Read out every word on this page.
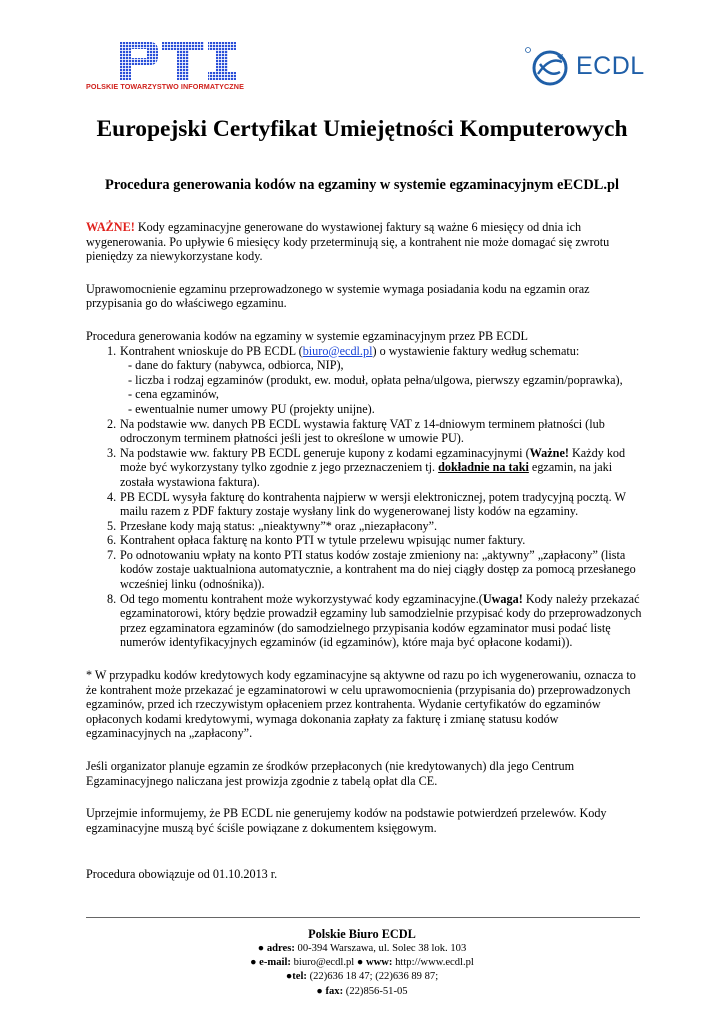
POLSKIE TOWARZYSTWO INFORMATYCZNE
ECDL
Europejski Certyfikat Umiejętności Komputerowych
Procedura generowania kodów na egzaminy w systemie egzaminacyjnym eECDL.pl

WAŻNE! Kody egzaminacyjne generowane do wystawionej faktury są ważne 6 miesięcy od dnia ich wygenerowania. Po upływie 6 miesięcy kody przeterminują się, a kontrahent nie może domagać się zwrotu pieniędzy za niewykorzystane kody.

Uprawomocnienie egzaminu przeprowadzonego w systemie wymaga posiadania kodu na egzamin oraz przypisania go do właściwego egzaminu.

Procedura generowania kodów na egzaminy w systemie egzaminacyjnym przez PB ECDL
1. Kontrahent wnioskuje do PB ECDL (biuro@ecdl.pl) o wystawienie faktury według schematu:
- dane do faktury (nabywca, odbiorca, NIP),
- liczba i rodzaj egzaminów (produkt, ew. moduł, opłata pełna/ulgowa, pierwszy egzamin/poprawka),
- cena egzaminów,
- ewentualnie numer umowy PU (projekty unijne).
2. Na podstawie ww. danych PB ECDL wystawia fakturę VAT z 14-dniowym terminem płatności (lub odroczonym terminem płatności jeśli jest to określone w umowie PU).
3. Na podstawie ww. faktury PB ECDL generuje kupony z kodami egzaminacyjnymi (Ważne! Każdy kod może być wykorzystany tylko zgodnie z jego przeznaczeniem tj. dokładnie na taki egzamin, na jaki została wystawiona faktura).
4. PB ECDL wysyła fakturę do kontrahenta najpierw w wersji elektronicznej, potem tradycyjną pocztą. W mailu razem z PDF faktury zostaje wysłany link do wygenerowanej listy kodów na egzaminy.
5. Przesłane kody mają status: „nieaktywny”* oraz „niezapłacony”.
6. Kontrahent opłaca fakturę na konto PTI w tytule przelewu wpisując numer faktury.
7. Po odnotowaniu wpłaty na konto PTI status kodów zostaje zmieniony na: „aktywny” „zapłacony” (lista kodów zostaje uaktualniona automatycznie, a kontrahent ma do niej ciągły dostęp za pomocą przesłanego wcześniej linku (odnośnika)).
8. Od tego momentu kontrahent może wykorzystywać kody egzaminacyjne.(Uwaga! Kody należy przekazać egzaminatorowi, który będzie prowadził egzaminy lub samodzielnie przypisać kody do przeprowadzonych przez egzaminatora egzaminów (do samodzielnego przypisania kodów egzaminator musi podać listę numerów identyfikacyjnych egzaminów (id egzaminów), które maja być opłacone kodami)).

* W przypadku kodów kredytowych kody egzaminacyjne są aktywne od razu po ich wygenerowaniu, oznacza to że kontrahent może przekazać je egzaminatorowi w celu uprawomocnienia (przypisania do) przeprowadzonych egzaminów, przed ich rzeczywistym opłaceniem przez kontrahenta. Wydanie certyfikatów do egzaminów opłaconych kodami kredytowymi, wymaga dokonania zapłaty za fakturę i zmianę statusu kodów egzaminacyjnych na „zapłacony”.

Jeśli organizator planuje egzamin ze środków przepłaconych (nie kredytowanych) dla jego Centrum Egzaminacyjnego naliczana jest prowizja zgodnie z tabelą opłat dla CE.

Uprzejmie informujemy, że PB ECDL nie generujemy kodów na podstawie potwierdzeń przelewów. Kody egzaminacyjne muszą być ściśle powiązane z dokumentem księgowym.

Procedura obowiązuje od 01.10.2013 r.

Polskie Biuro ECDL
● adres: 00-394 Warszawa, ul. Solec 38 lok. 103
● e-mail: biuro@ecdl.pl ● www: http://www.ecdl.pl
●tel: (22)636 18 47; (22)636 89 87;
● fax: (22)856-51-05
